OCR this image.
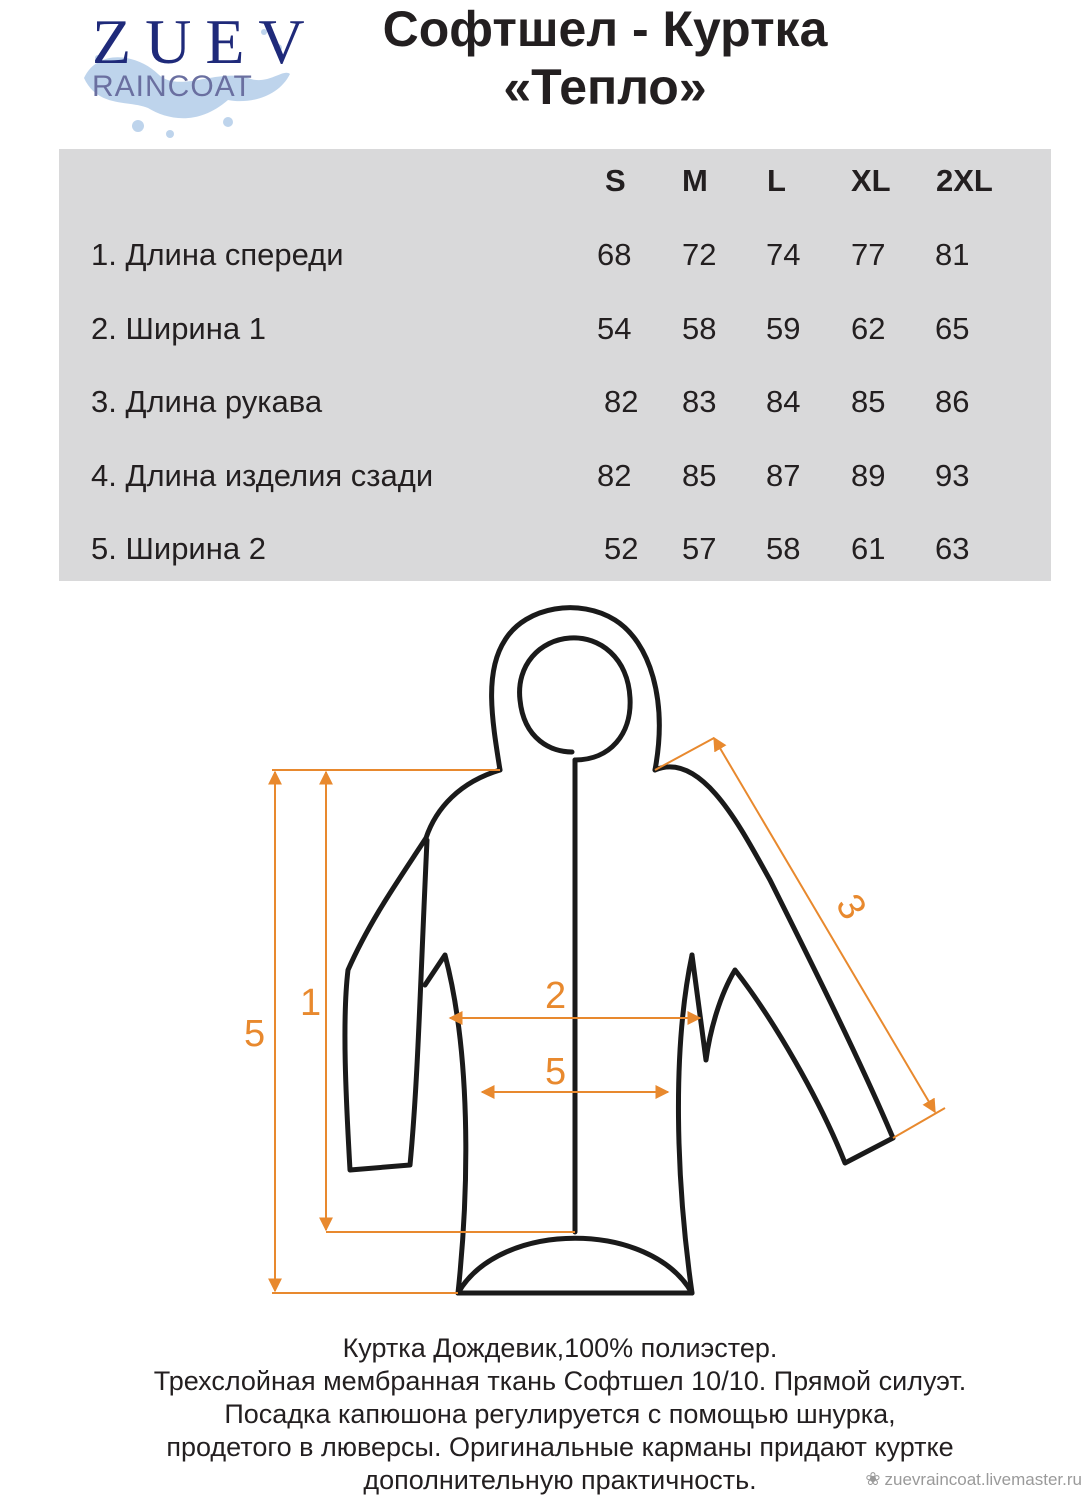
ZUEV
RAINCOAT
Софтшел - Куртка
«Тепло»
S M L XL 2XL
1. Длина спереди	68 72 74 77 81
2. Ширина 1	54 58 59 62 65
3. Длина рукава	82 83 84 85 86
4. Длина изделия сзади	82 85 87 89 93
5. Ширина 2	52 57 58 61 63
5
1	2
5
3
Куртка Дождевик,100% полиэстер.
Трехслойная мембранная ткань Софтшел 10/10. Прямой силуэт.
Посадка капюшона регулируется с помощью шнурка,
продетого в люверсы. Оригинальные карманы придают куртке
дополнительную практичность.	❀ zuevraincoat.livemaster.ru
